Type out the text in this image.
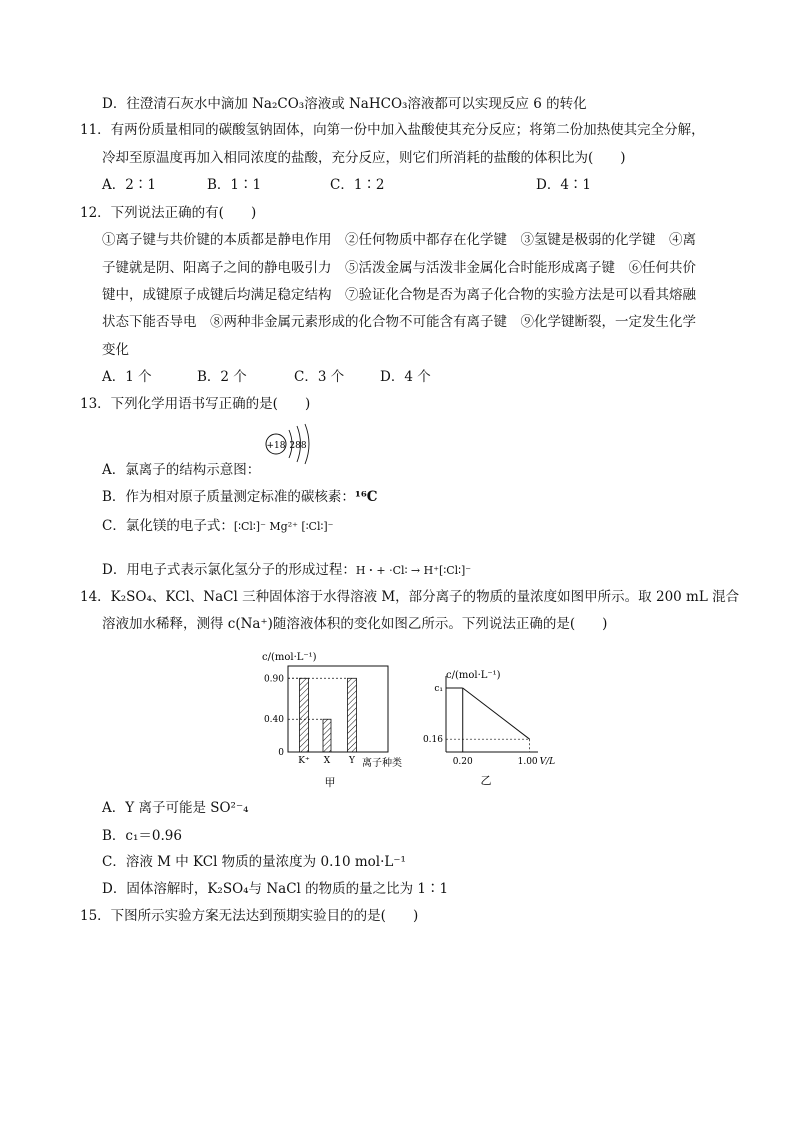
D．往澄清石灰水中滴加 Na₂CO₃溶液或 NaHCO₃溶液都可以实现反应 6 的转化
11．有两份质量相同的碳酸氢钠固体，向第一份中加入盐酸使其充分反应；将第二份加热使其完全分解，
冷却至原温度再加入相同浓度的盐酸，充分反应，则它们所消耗的盐酸的体积比为(　　)
A．2∶1	B．1∶1	C．1∶2	D．4∶1
12．下列说法正确的有(　　)
①离子键与共价键的本质都是静电作用　②任何物质中都存在化学键　③氢键是极弱的化学键　④离
子键就是阴、阳离子之间的静电吸引力　⑤活泼金属与活泼非金属化合时能形成离子键　⑥任何共价
键中，成键原子成键后均满足稳定结构　⑦验证化合物是否为离子化合物的实验方法是可以看其熔融
状态下能否导电　⑧两种非金属元素形成的化合物不可能含有离子键　⑨化学键断裂，一定发生化学
变化
A．1 个	B．2 个	C．3 个	D．4 个
13．下列化学用语书写正确的是(　　)
+18 288
A．氯离子的结构示意图：
B．作为相对原子质量测定标准的碳核素：¹⁶C
C．氯化镁的电子式：[∶Cl∶]⁻ Mg²⁺ [∶Cl∶]⁻
D．用电子式表示氯化氢分子的形成过程：H・+ ·Cl∶ → H⁺[∶Cl∶]⁻
14．K₂SO₄、KCl、NaCl 三种固体溶于水得溶液 M，部分离子的物质的量浓度如图甲所示。取 200 mL 混合
溶液加水稀释，测得 c(Na⁺)随溶液体积的变化如图乙所示。下列说法正确的是(　　)
c/(mol·L⁻¹)
0.90
0.40
0
K⁺ X Y 离子种类
甲
c/(mol·L⁻¹)
c₁
0.16
0.20	1.00 V/L
乙
A．Y 离子可能是 SO²⁻₄
B．c₁＝0.96
C．溶液 M 中 KCl 物质的量浓度为 0.10 mol·L⁻¹
D．固体溶解时，K₂SO₄与 NaCl 的物质的量之比为 1∶1
15．下图所示实验方案无法达到预期实验目的的是(　　)
